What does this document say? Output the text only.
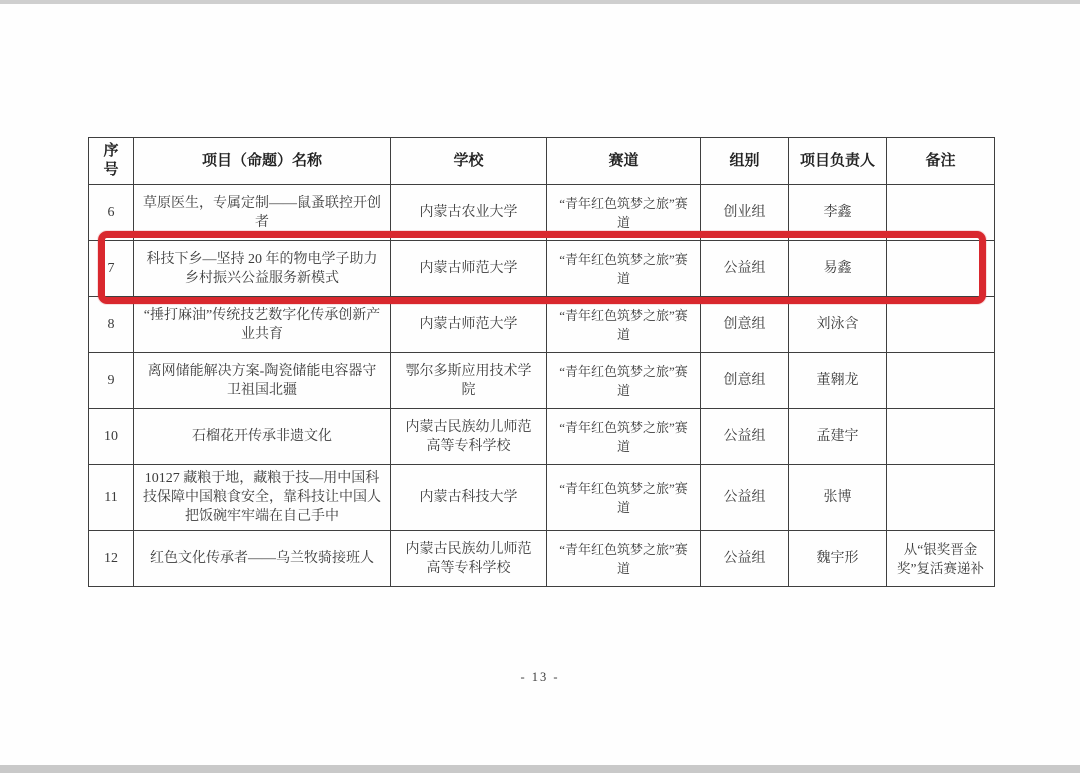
序号	项目（命题）名称	学校	赛道	组别	项目负责人	备注
6	草原医生，专属定制——鼠蚤联控开创者	内蒙古农业大学	“青年红色筑梦之旅”赛道	创业组	李鑫	
7	科技下乡—坚持 20 年的物电学子助力乡村振兴公益服务新模式	内蒙古师范大学	“青年红色筑梦之旅”赛道	公益组	易鑫	
8	“捶打麻油”传统技艺数字化传承创新产业共育	内蒙古师范大学	“青年红色筑梦之旅”赛道	创意组	刘泳含	
9	离网储能解决方案-陶瓷储能电容器守卫祖国北疆	鄂尔多斯应用技术学院	“青年红色筑梦之旅”赛道	创意组	董翱龙	
10	石榴花开传承非遗文化	内蒙古民族幼儿师范高等专科学校	“青年红色筑梦之旅”赛道	公益组	孟建宇	
11	10127 藏粮于地，藏粮于技—用中国科技保障中国粮食安全，靠科技让中国人把饭碗牢牢端在自己手中	内蒙古科技大学	“青年红色筑梦之旅”赛道	公益组	张博	
12	红色文化传承者——乌兰牧骑接班人	内蒙古民族幼儿师范高等专科学校	“青年红色筑梦之旅”赛道	公益组	魏宇形	从“银奖晋金奖”复活赛递补
- 13 -
